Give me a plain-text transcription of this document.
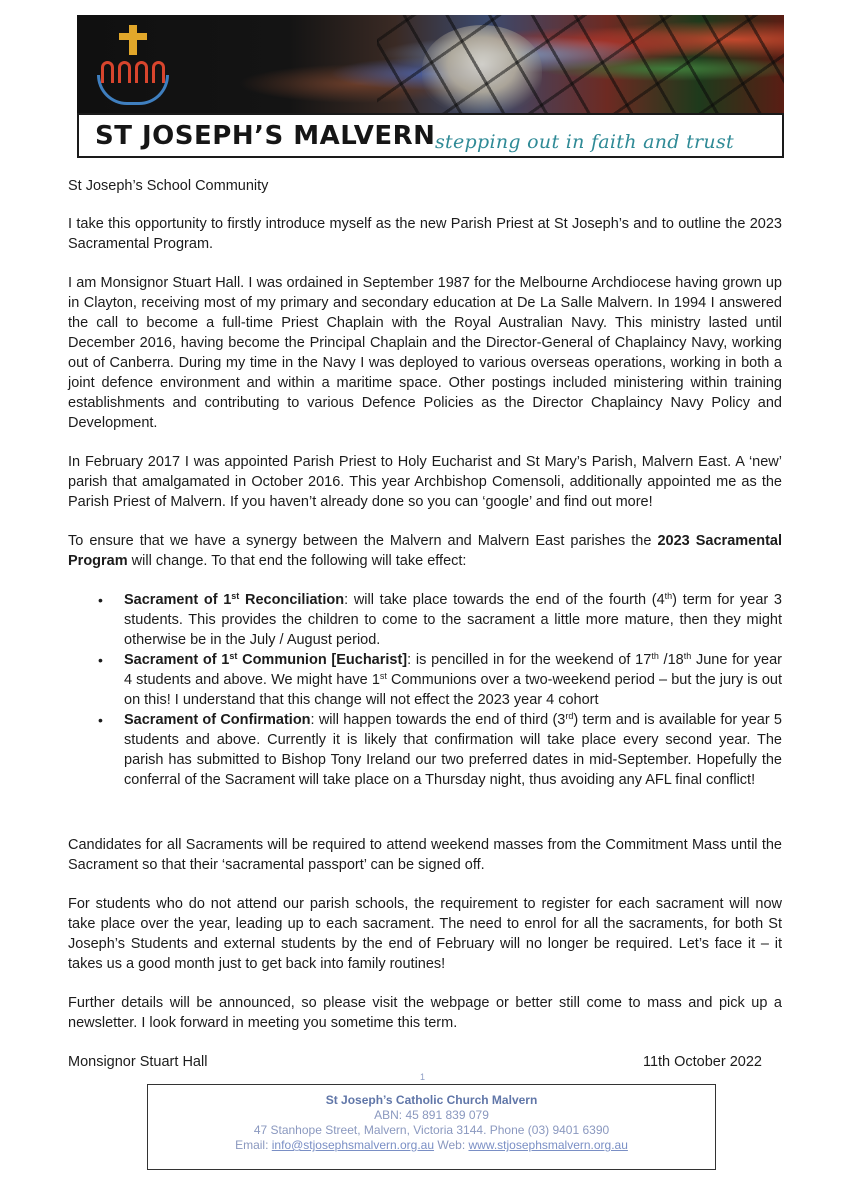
ST JOSEPH’S MALVERN stepping out in faith and trust

St Joseph’s School Community

I take this opportunity to firstly introduce myself as the new Parish Priest at St Joseph’s and to outline the 2023 Sacramental Program.

I am Monsignor Stuart Hall. I was ordained in September 1987 for the Melbourne Archdiocese having grown up in Clayton, receiving most of my primary and secondary education at De La Salle Malvern. In 1994 I answered the call to become a full-time Priest Chaplain with the Royal Australian Navy. This ministry lasted until December 2016, having become the Principal Chaplain and the Director-General of Chaplaincy Navy, working out of Canberra. During my time in the Navy I was deployed to various overseas operations, working in both a joint defence environment and within a maritime space. Other postings included ministering within training establishments and contributing to various Defence Policies as the Director Chaplaincy Navy Policy and Development.

In February 2017 I was appointed Parish Priest to Holy Eucharist and St Mary’s Parish, Malvern East. A ‘new’ parish that amalgamated in October 2016. This year Archbishop Comensoli, additionally appointed me as the Parish Priest of Malvern. If you haven’t already done so you can ‘google’ and find out more!

To ensure that we have a synergy between the Malvern and Malvern East parishes the 2023 Sacramental Program will change. To that end the following will take effect:

• Sacrament of 1st Reconciliation: will take place towards the end of the fourth (4th) term for year 3 students. This provides the children to come to the sacrament a little more mature, then they might otherwise be in the July / August period.
• Sacrament of 1st Communion [Eucharist]: is pencilled in for the weekend of 17th /18th June for year 4 students and above. We might have 1st Communions over a two-weekend period – but the jury is out on this! I understand that this change will not effect the 2023 year 4 cohort
• Sacrament of Confirmation: will happen towards the end of third (3rd) term and is available for year 5 students and above. Currently it is likely that confirmation will take place every second year. The parish has submitted to Bishop Tony Ireland our two preferred dates in mid-September. Hopefully the conferral of the Sacrament will take place on a Thursday night, thus avoiding any AFL final conflict!

Candidates for all Sacraments will be required to attend weekend masses from the Commitment Mass until the Sacrament so that their ‘sacramental passport’ can be signed off.

For students who do not attend our parish schools, the requirement to register for each sacrament will now take place over the year, leading up to each sacrament. The need to enrol for all the sacraments, for both St Joseph’s Students and external students by the end of February will no longer be required. Let’s face it – it takes us a good month just to get back into family routines!

Further details will be announced, so please visit the webpage or better still come to mass and pick up a newsletter. I look forward in meeting you sometime this term.

Monsignor Stuart Hall	11th October 2022
1
St Joseph’s Catholic Church Malvern
ABN: 45 891 839 079
47 Stanhope Street, Malvern, Victoria 3144. Phone (03) 9401 6390
Email: info@stjosephsmalvern.org.au Web: www.stjosephsmalvern.org.au
